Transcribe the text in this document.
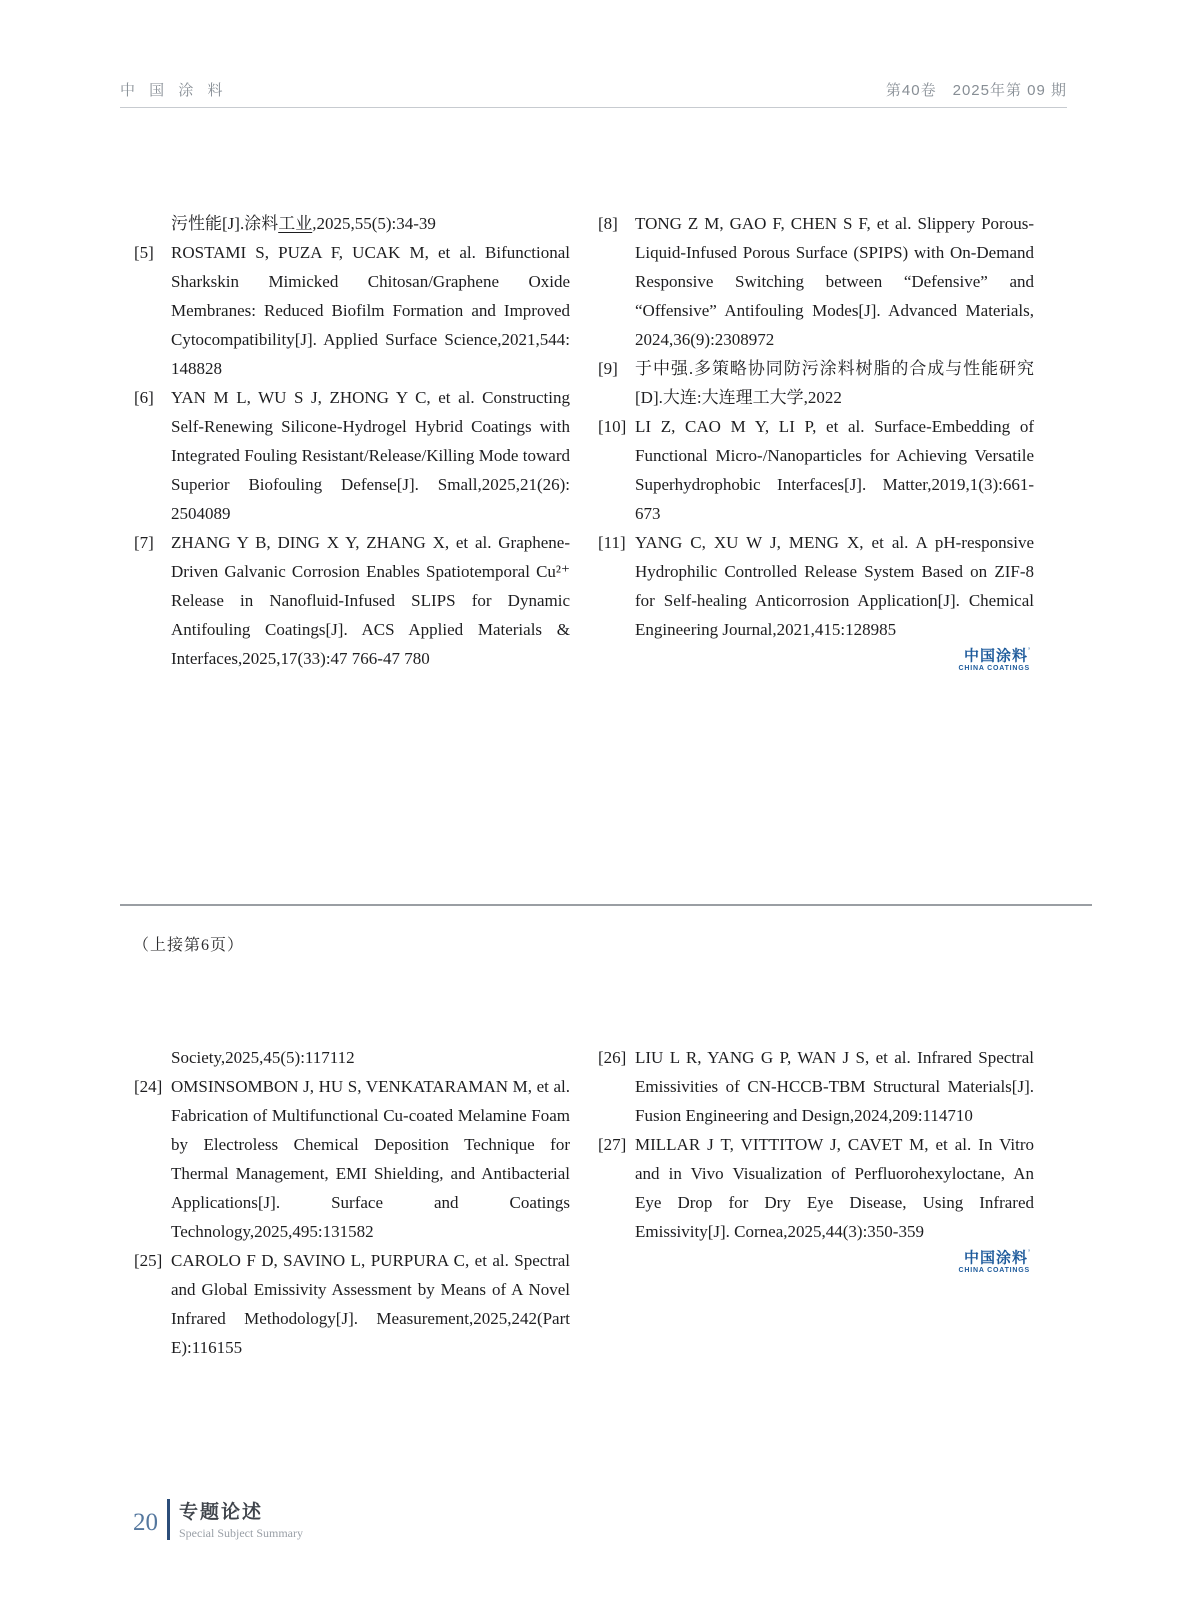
中 国 涂 料	第40卷　2025年第 09 期
污性能[J].涂料工业,2025,55(5):34-39
[5] ROSTAMI S, PUZA F, UCAK M, et al. Bifunctional Sharkskin Mimicked Chitosan/Graphene Oxide Membranes: Reduced Biofilm Formation and Improved Cytocompatibility[J]. Applied Surface Science,2021,544: 148828
[6] YAN M L, WU S J, ZHONG Y C, et al. Constructing Self-Renewing Silicone-Hydrogel Hybrid Coatings with Integrated Fouling Resistant/Release/Killing Mode toward Superior Biofouling Defense[J]. Small,2025,21(26): 2504089
[7] ZHANG Y B, DING X Y, ZHANG X, et al. Graphene-Driven Galvanic Corrosion Enables Spatiotemporal Cu²⁺ Release in Nanofluid-Infused SLIPS for Dynamic Antifouling Coatings[J]. ACS Applied Materials & Interfaces,2025,17(33):47 766-47 780
[8] TONG Z M, GAO F, CHEN S F, et al. Slippery Porous-Liquid-Infused Porous Surface (SPIPS) with On-Demand Responsive Switching between “Defensive” and “Offensive” Antifouling Modes[J]. Advanced Materials, 2024,36(9):2308972
[9] 于中强.多策略协同防污涂料树脂的合成与性能研究[D].大连:大连理工大学,2022
[10] LI Z, CAO M Y, LI P, et al. Surface-Embedding of Functional Micro-/Nanoparticles for Achieving Versatile Superhydrophobic Interfaces[J]. Matter,2019,1(3):661-673
[11] YANG C, XU W J, MENG X, et al. A pH-responsive Hydrophilic Controlled Release System Based on ZIF-8 for Self-healing Anticorrosion Application[J]. Chemical Engineering Journal,2021,415:128985
中国涂料’
CHINA COATINGS
（上接第6页）
Society,2025,45(5):117112
[24] OMSINSOMBON J, HU S, VENKATARAMAN M, et al. Fabrication of Multifunctional Cu-coated Melamine Foam by Electroless Chemical Deposition Technique for Thermal Management, EMI Shielding, and Antibacterial Applications[J]. Surface and Coatings Technology,2025,495:131582
[25] CAROLO F D, SAVINO L, PURPURA C, et al. Spectral and Global Emissivity Assessment by Means of A Novel Infrared Methodology[J]. Measurement,2025,242(Part E):116155
[26] LIU L R, YANG G P, WAN J S, et al. Infrared Spectral Emissivities of CN-HCCB-TBM Structural Materials[J]. Fusion Engineering and Design,2024,209:114710
[27] MILLAR J T, VITTITOW J, CAVET M, et al. In Vitro and in Vivo Visualization of Perfluorohexyloctane, An Eye Drop for Dry Eye Disease, Using Infrared Emissivity[J]. Cornea,2025,44(3):350-359
中国涂料’
CHINA COATINGS
20 专题论述
Special Subject Summary
